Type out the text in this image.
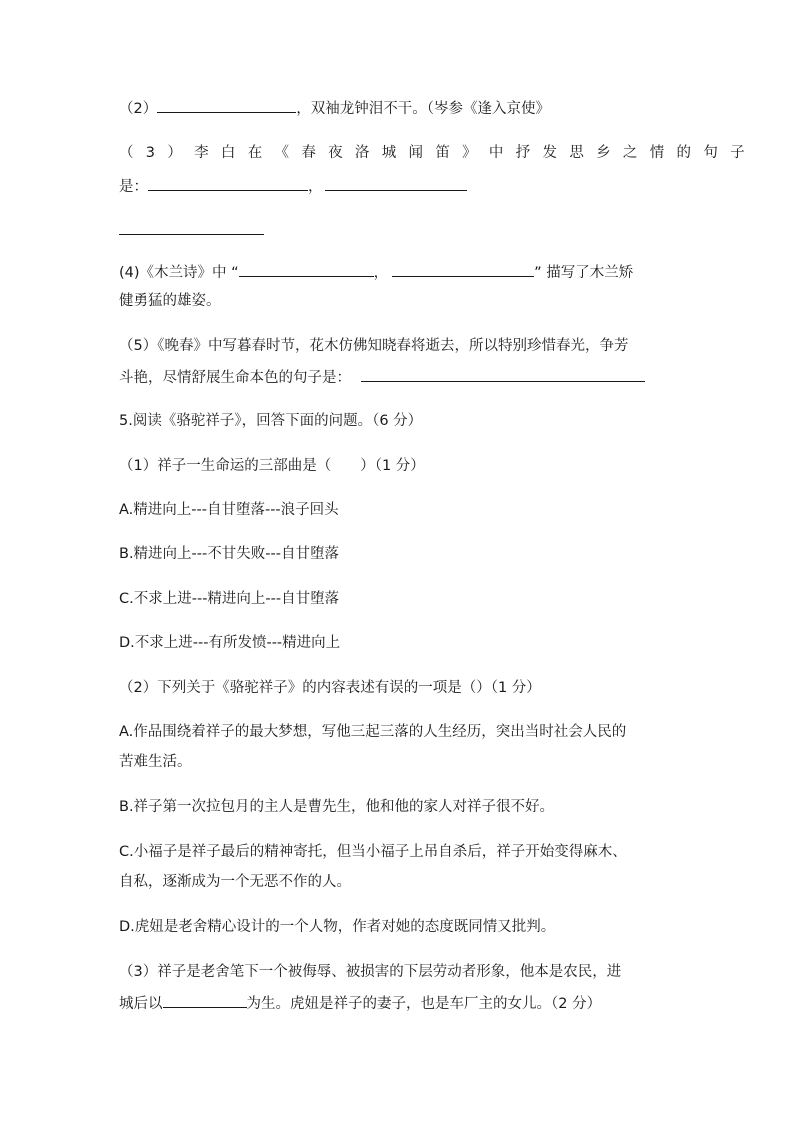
（2）	，双袖龙钟泪不干。（岑参《逢入京使》
（3）李白在《春夜洛城闻笛》中抒发思乡之情的句子
是：	，
(4)《木兰诗》中 “	，	” 描写了木兰矫
健勇猛的雄姿。
（5）《晚春》中写暮春时节，花木仿佛知晓春将逝去，所以特别珍惜春光，争芳
斗艳，尽情舒展生命本色的句子是：
5.阅读《骆驼祥子》，回答下面的问题。（6 分）
（1）祥子一生命运的三部曲是（　　）（1 分）
A.精进向上---自甘堕落---浪子回头
B.精进向上---不甘失败---自甘堕落
C.不求上进---精进向上---自甘堕落
D.不求上进---有所发愤---精进向上
（2）下列关于《骆驼祥子》的内容表述有误的一项是（）（1 分）
A.作品围绕着祥子的最大梦想，写他三起三落的人生经历，突出当时社会人民的
苦难生活。
B.祥子第一次拉包月的主人是曹先生，他和他的家人对祥子很不好。
C.小福子是祥子最后的精神寄托，但当小福子上吊自杀后，祥子开始变得麻木、
自私，逐渐成为一个无恶不作的人。
D.虎妞是老舍精心设计的一个人物，作者对她的态度既同情又批判。
（3）祥子是老舍笔下一个被侮辱、被损害的下层劳动者形象，他本是农民，进
城后以	为生。虎妞是祥子的妻子，也是车厂主的女儿。（2 分）
